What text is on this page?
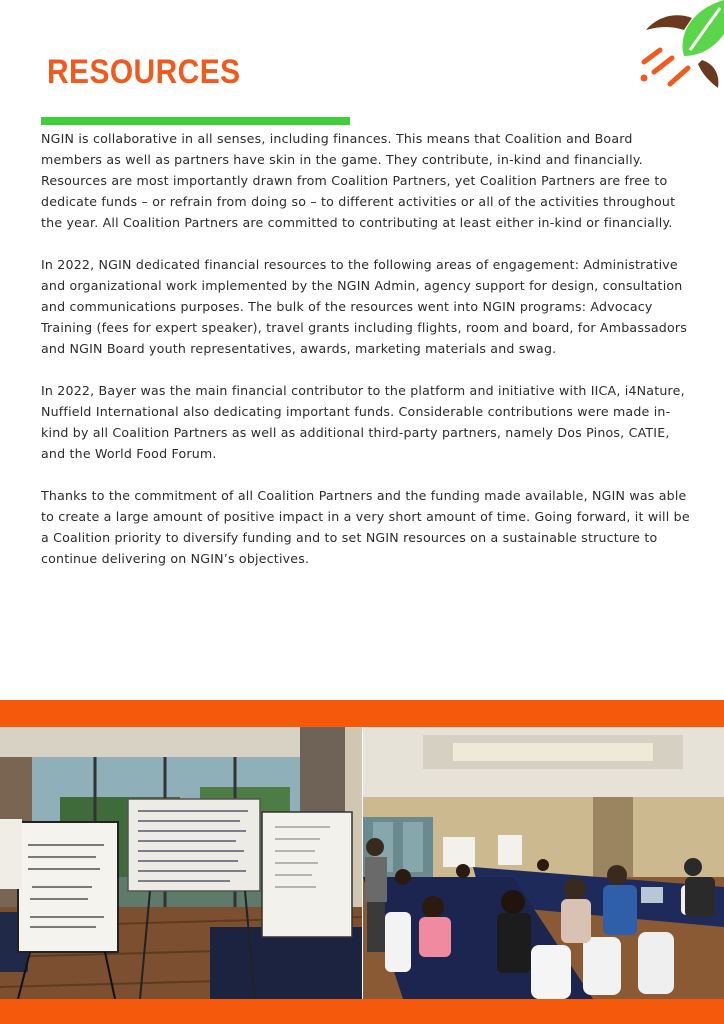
RESOURCES

NGIN is collaborative in all senses, including finances. This means that Coalition and Board members as well as partners have skin in the game. They contribute, in-kind and financially. Resources are most importantly drawn from Coalition Partners, yet Coalition Partners are free to dedicate funds – or refrain from doing so – to different activities or all of the activities throughout the year. All Coalition Partners are committed to contributing at least either in-kind or financially.

In 2022, NGIN dedicated financial resources to the following areas of engagement: Administrative and organizational work implemented by the NGIN Admin, agency support for design, consultation and communications purposes. The bulk of the resources went into NGIN programs: Advocacy Training (fees for expert speaker), travel grants including flights, room and board, for Ambassadors and NGIN Board youth representatives, awards, marketing materials and swag.

In 2022, Bayer was the main financial contributor to the platform and initiative with IICA, i4Nature, Nuffield International also dedicating important funds. Considerable contributions were made in-kind by all Coalition Partners as well as additional third-party partners, namely Dos Pinos, CATIE, and the World Food Forum.

Thanks to the commitment of all Coalition Partners and the funding made available, NGIN was able to create a large amount of positive impact in a very short amount of time. Going forward, it will be a Coalition priority to diversify funding and to set NGIN resources on a sustainable structure to continue delivering on NGIN’s objectives.
